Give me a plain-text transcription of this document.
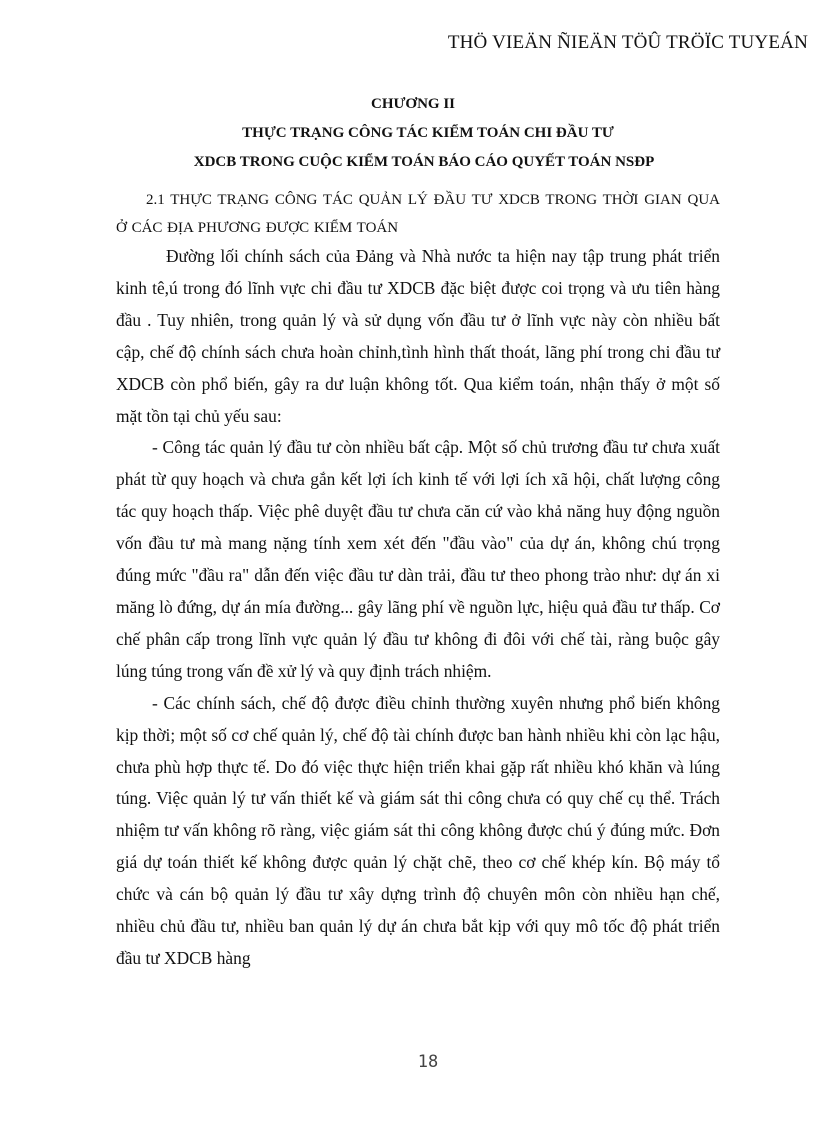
THÖ VIEÄN ÑIEÄN TÖÛ TRÖÏC TUYEÁN
CHƯƠNG II
THỰC TRẠNG CÔNG TÁC KIỂM TOÁN CHI ĐẦU TƯ
XDCB TRONG CUỘC KIỂM TOÁN BÁO CÁO QUYẾT TOÁN NSĐP
2.1 THỰC TRẠNG CÔNG TÁC QUẢN LÝ ĐẦU TƯ XDCB TRONG THỜI GIAN QUA Ở CÁC ĐỊA PHƯƠNG ĐƯỢC KIỂM TOÁN

Đường lối chính sách của Đảng và Nhà nước ta hiện nay tập trung phát triển kinh tê,ú trong đó lĩnh vực chi đầu tư XDCB đặc biệt được coi trọng và ưu tiên hàng đầu . Tuy nhiên, trong quản lý và sử dụng vốn đầu tư ở lĩnh vực này còn nhiều bất cập, chế độ chính sách chưa hoàn chỉnh,tình hình thất thoát, lãng phí trong chi đầu tư XDCB còn phổ biến, gây ra dư luận không tốt. Qua kiểm toán, nhận thấy ở một số mặt tồn tại chủ yếu sau:

- Công tác quản lý đầu tư còn nhiều bất cập. Một số chủ trương đầu tư chưa xuất phát từ quy hoạch và chưa gắn kết lợi ích kinh tế với lợi ích xã hội, chất lượng công tác quy hoạch thấp. Việc phê duyệt đầu tư chưa căn cứ vào khả năng huy động nguồn vốn đầu tư mà mang nặng tính xem xét đến "đầu vào" của dự án, không chú trọng đúng mức "đầu ra" dẫn đến việc đầu tư dàn trải, đầu tư theo phong trào như: dự án xi măng lò đứng, dự án mía đường... gây lãng phí về nguồn lực, hiệu quả đầu tư thấp. Cơ chế phân cấp trong lĩnh vực quản lý đầu tư không đi đôi với chế tài, ràng buộc gây lúng túng trong vấn đề xử lý và quy định trách nhiệm.

- Các chính sách, chế độ được điều chỉnh thường xuyên nhưng phổ biến không kịp thời; một số cơ chế quản lý, chế độ tài chính được ban hành nhiều khi còn lạc hậu, chưa phù hợp thực tế. Do đó việc thực hiện triển khai gặp rất nhiều khó khăn và lúng túng. Việc quản lý tư vấn thiết kế và giám sát thi công chưa có quy chế cụ thể. Trách nhiệm tư vấn không rõ ràng, việc giám sát thi công không được chú ý đúng mức. Đơn giá dự toán thiết kế không được quản lý chặt chẽ, theo cơ chế khép kín. Bộ máy tổ chức và cán bộ quản lý đầu tư xây dựng trình độ chuyên môn còn nhiều hạn chế, nhiều chủ đầu tư, nhiều ban quản lý dự án chưa bắt kịp với quy mô tốc độ phát triển đầu tư XDCB hàng

18
